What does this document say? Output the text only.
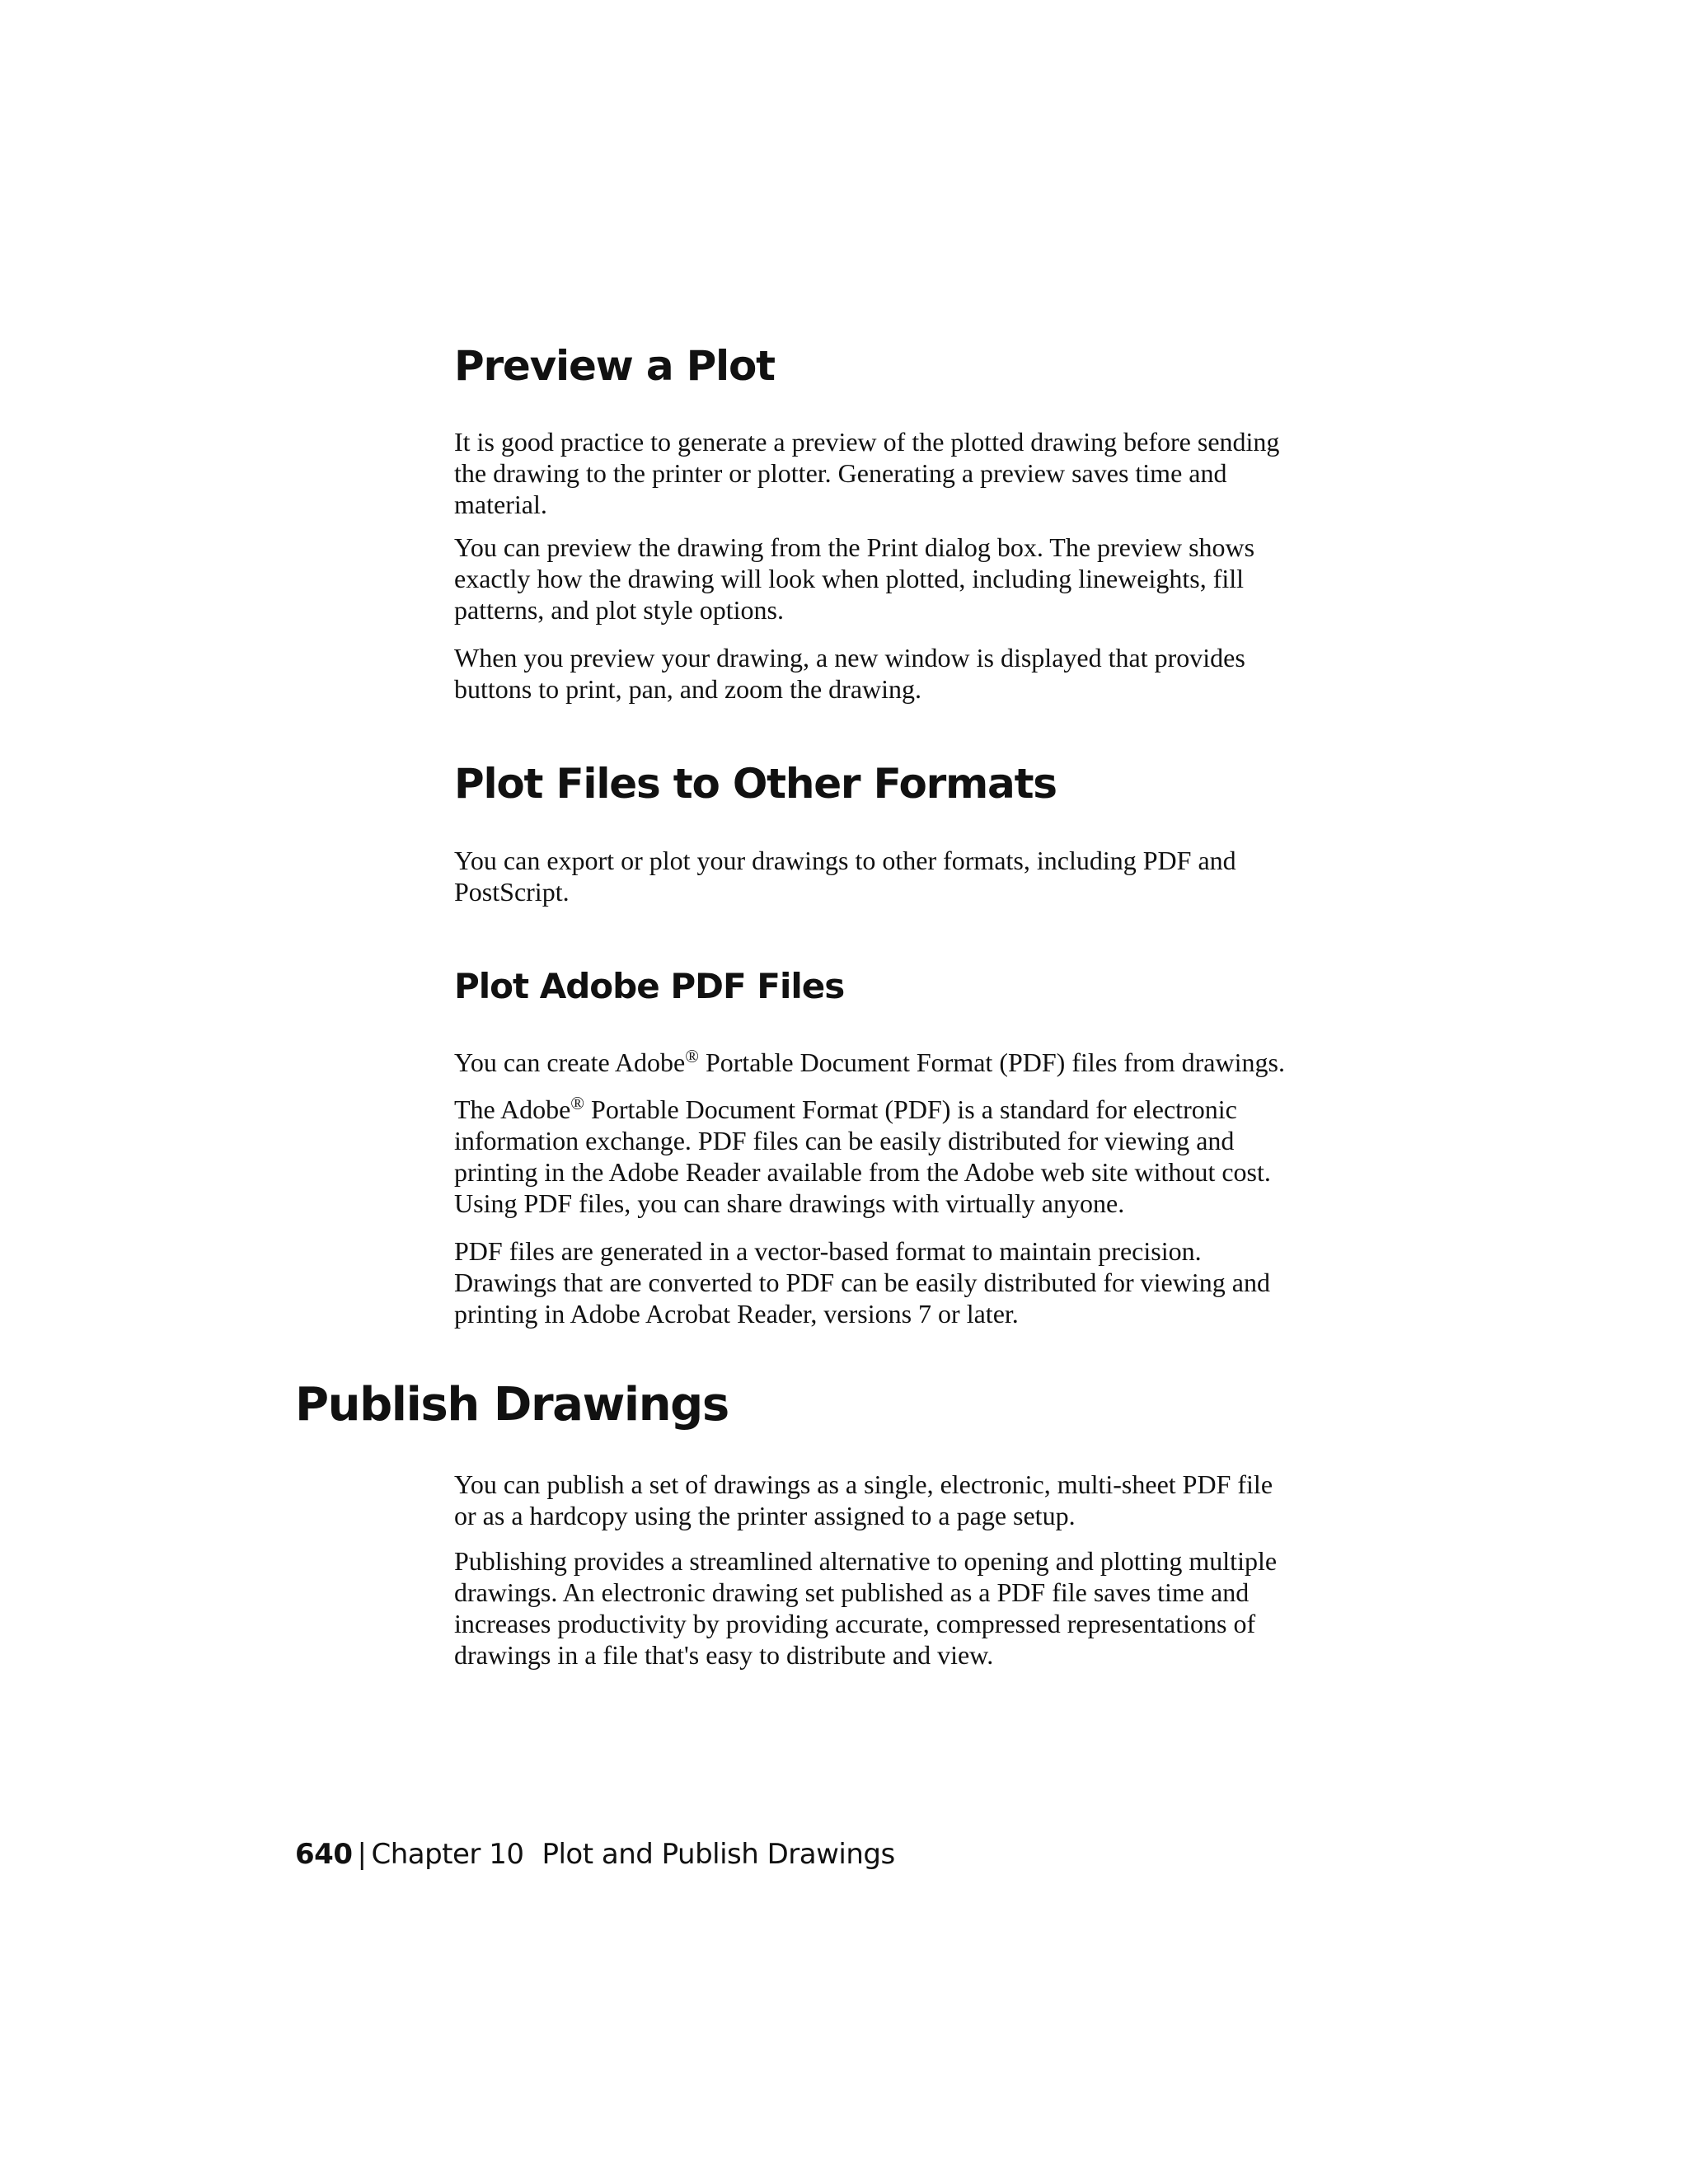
Preview a Plot

It is good practice to generate a preview of the plotted drawing before sending
the drawing to the printer or plotter. Generating a preview saves time and
material.

You can preview the drawing from the Print dialog box. The preview shows
exactly how the drawing will look when plotted, including lineweights, fill
patterns, and plot style options.

When you preview your drawing, a new window is displayed that provides
buttons to print, pan, and zoom the drawing.

Plot Files to Other Formats

You can export or plot your drawings to other formats, including PDF and
PostScript.

Plot Adobe PDF Files

You can create Adobe® Portable Document Format (PDF) files from drawings.

The Adobe® Portable Document Format (PDF) is a standard for electronic
information exchange. PDF files can be easily distributed for viewing and
printing in the Adobe Reader available from the Adobe web site without cost.
Using PDF files, you can share drawings with virtually anyone.

PDF files are generated in a vector-based format to maintain precision.
Drawings that are converted to PDF can be easily distributed for viewing and
printing in Adobe Acrobat Reader, versions 7 or later.

Publish Drawings

You can publish a set of drawings as a single, electronic, multi-sheet PDF file
or as a hardcopy using the printer assigned to a page setup.

Publishing provides a streamlined alternative to opening and plotting multiple
drawings. An electronic drawing set published as a PDF file saves time and
increases productivity by providing accurate, compressed representations of
drawings in a file that's easy to distribute and view.

640 | Chapter 10 Plot and Publish Drawings
